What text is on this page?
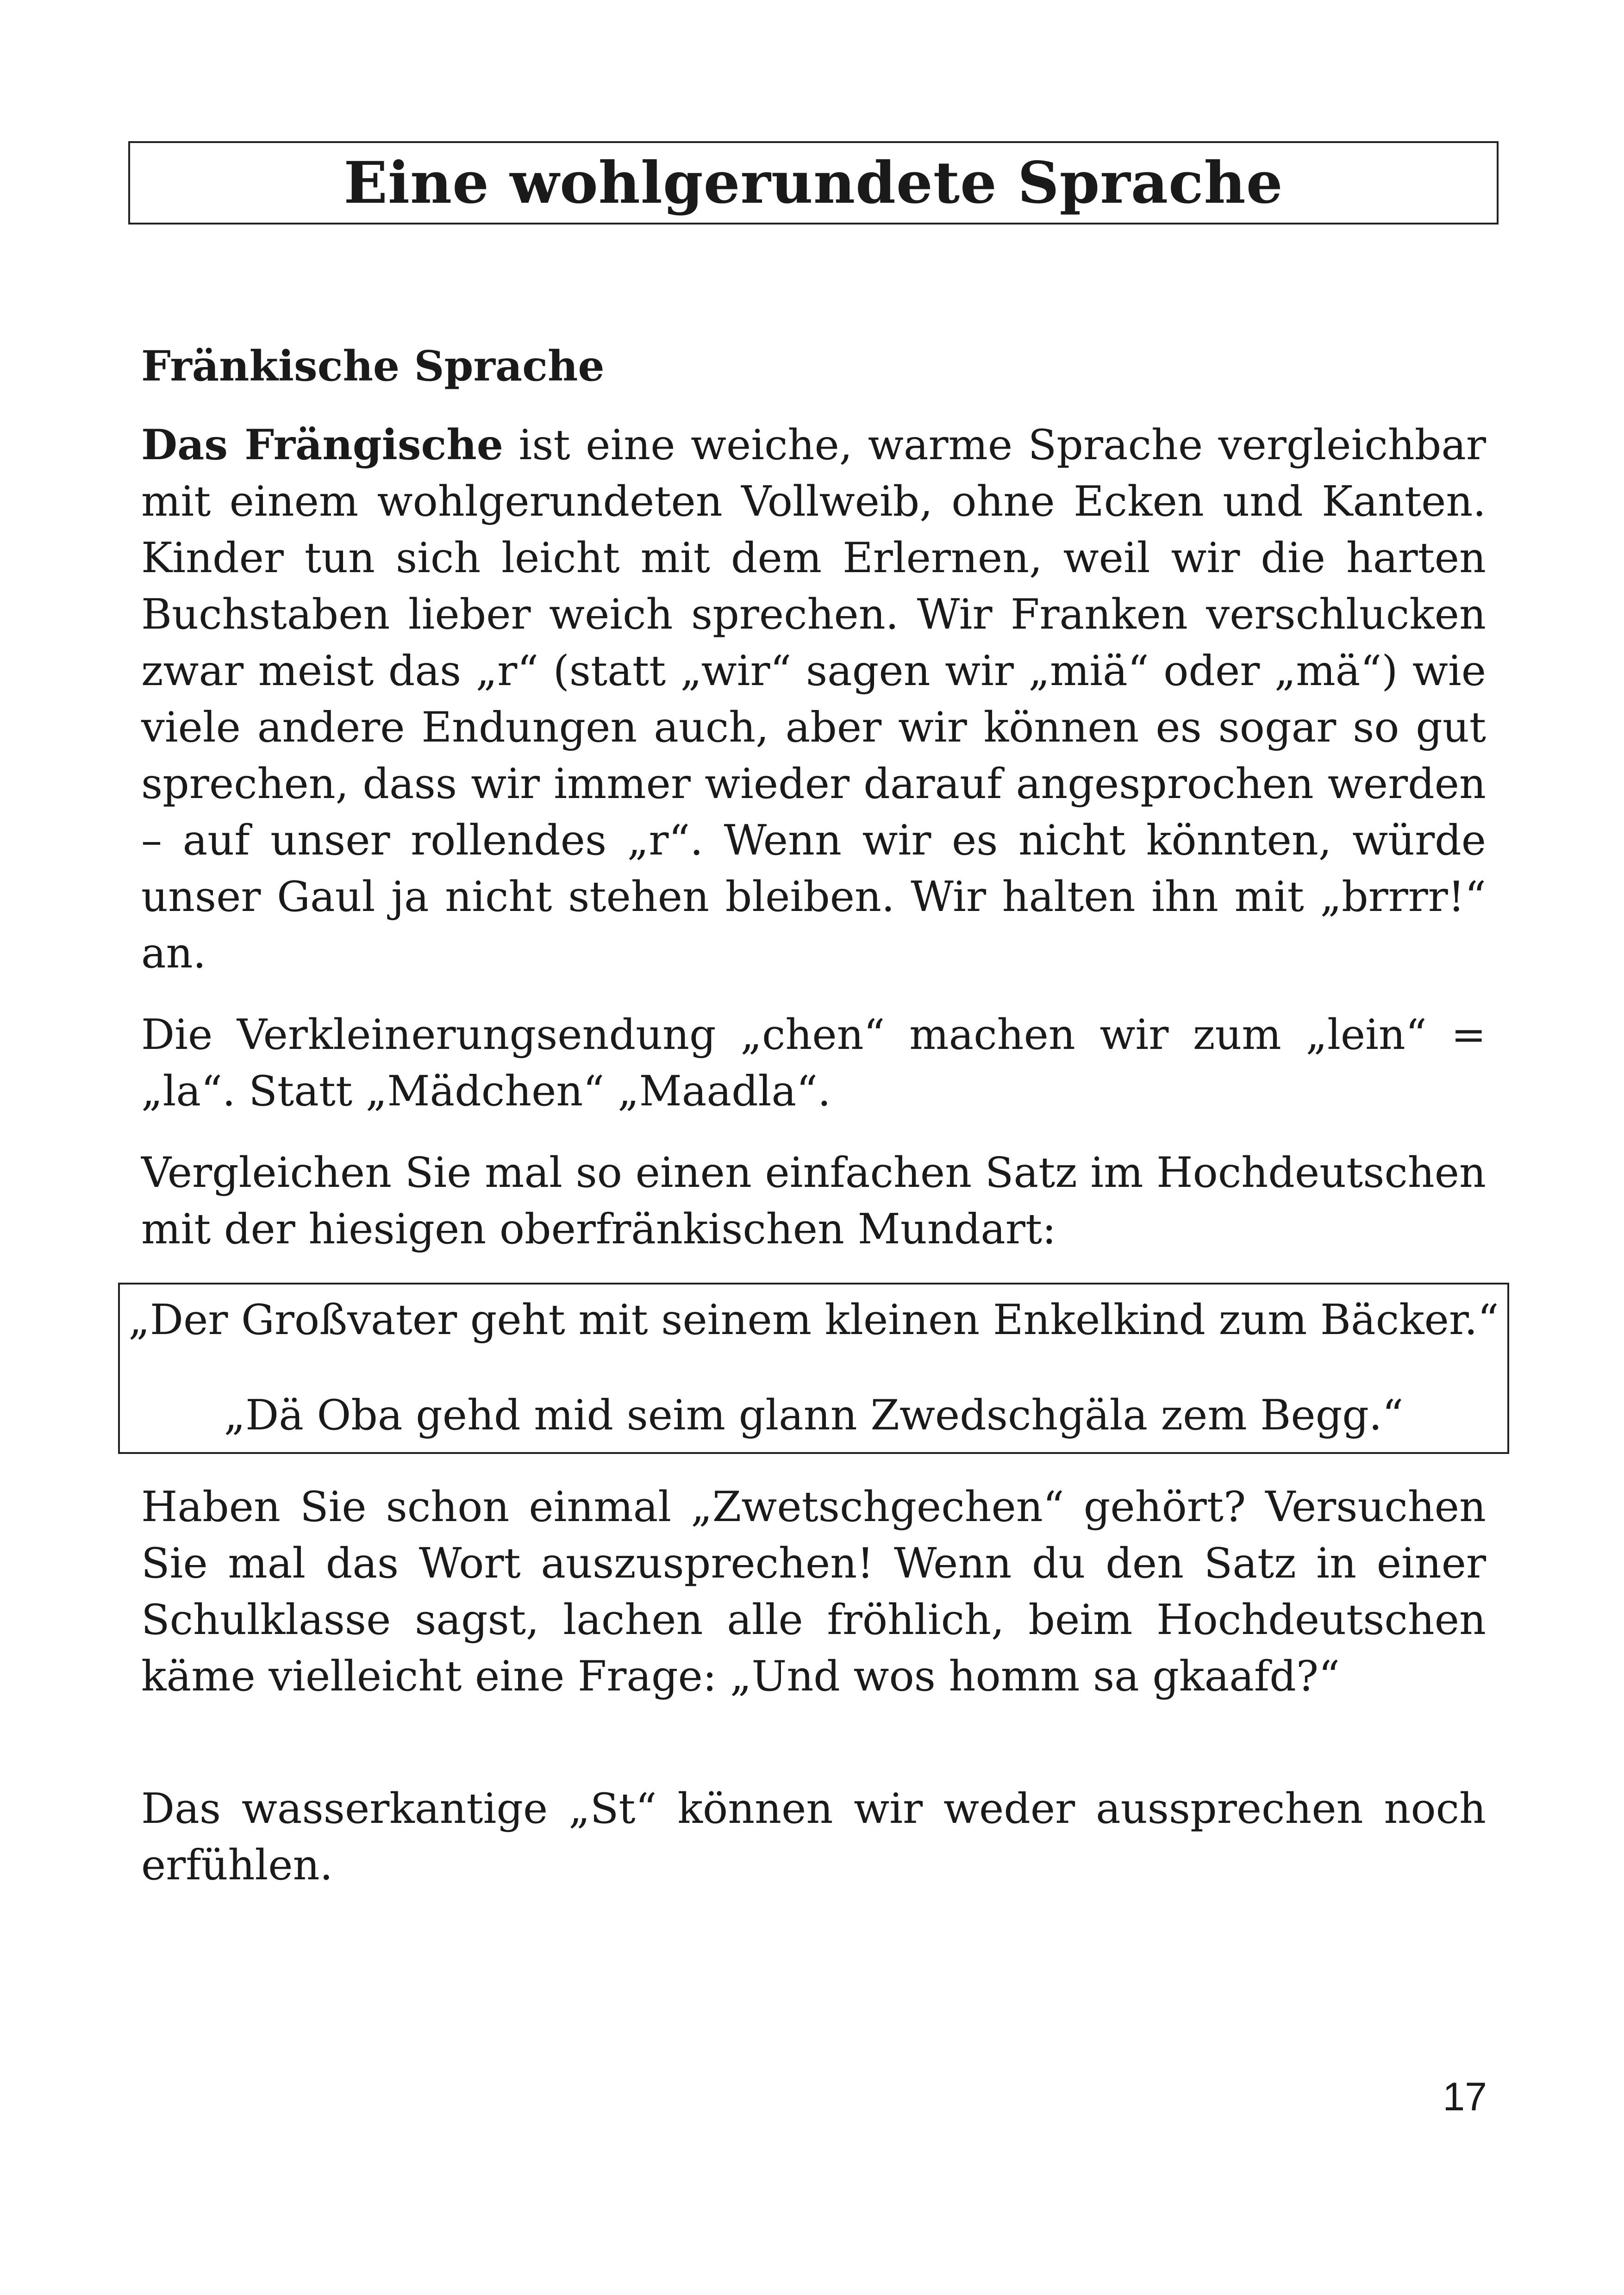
Eine wohlgerundete Sprache
Fränkische Sprache

Das Frängische ist eine weiche, warme Sprache vergleichbar mit einem wohlgerundeten Vollweib, ohne Ecken und Kanten. Kinder tun sich leicht mit dem Erlernen, weil wir die harten Buchstaben lieber weich sprechen. Wir Franken verschlucken zwar meist das „r“ (statt „wir“ sagen wir „miä“ oder „mä“) wie viele andere Endungen auch, aber wir können es sogar so gut sprechen, dass wir immer wieder darauf angesprochen werden – auf unser rollendes „r“. Wenn wir es nicht könnten, würde unser Gaul ja nicht stehen bleiben. Wir halten ihn mit „brrrr!“ an.

Die Verkleinerungsendung „chen“ machen wir zum „lein“ = „la“. Statt „Mädchen“ „Maadla“.

Vergleichen Sie mal so einen einfachen Satz im Hochdeutschen mit der hiesigen oberfränkischen Mundart:

„Der Großvater geht mit seinem kleinen Enkelkind zum Bäcker.“
„Dä Oba gehd mid seim glann Zwedschgäla zem Begg.“

Haben Sie schon einmal „Zwetschgechen“ gehört? Versuchen Sie mal das Wort auszusprechen! Wenn du den Satz in einer Schulklasse sagst, lachen alle fröhlich, beim Hochdeutschen käme vielleicht eine Frage: „Und wos homm sa gkaafd?“

Das wasserkantige „St“ können wir weder aussprechen noch erfühlen.

17
